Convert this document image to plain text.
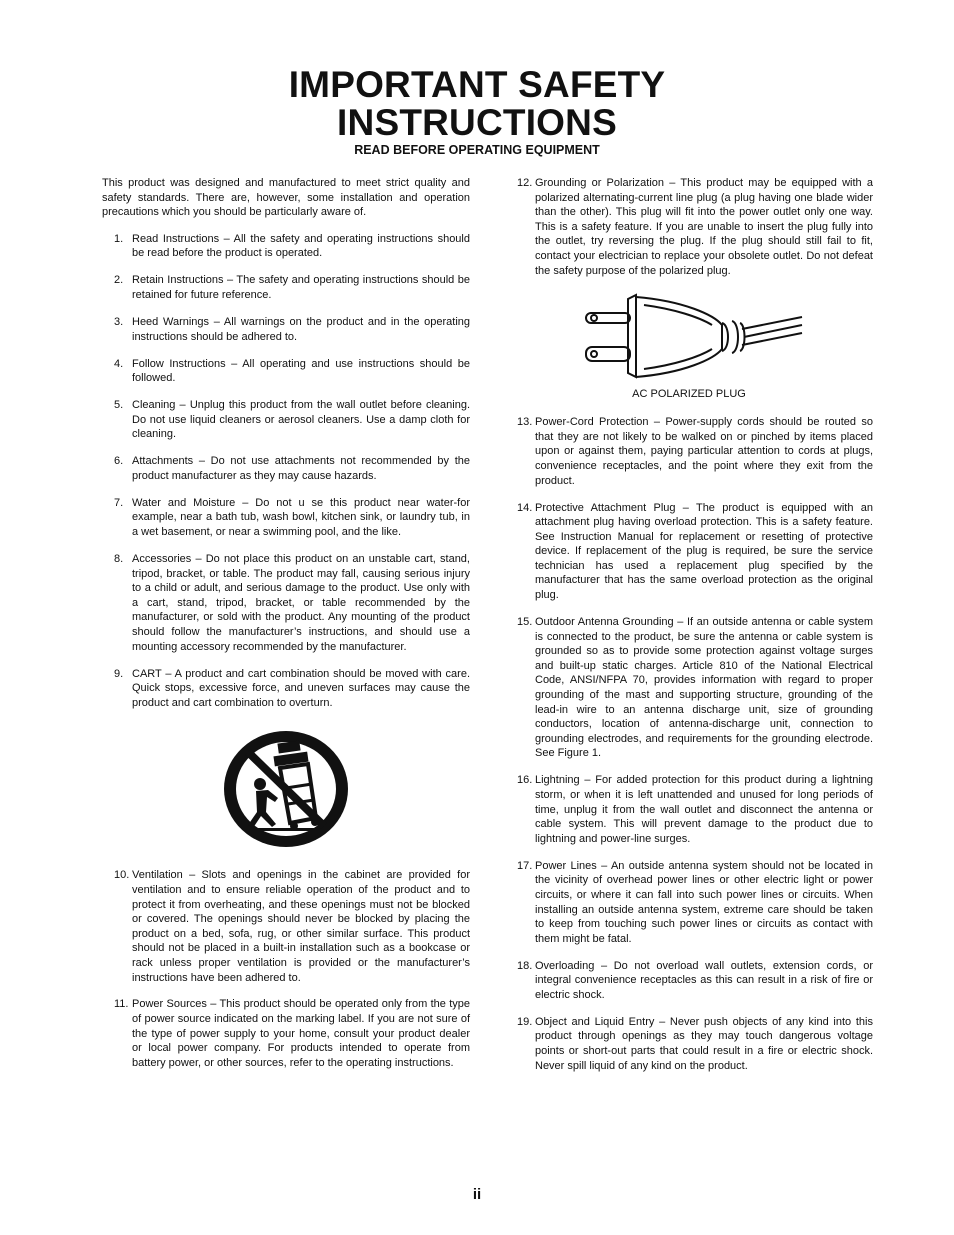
IMPORTANT SAFETY
INSTRUCTIONS
READ BEFORE OPERATING EQUIPMENT

This product was designed and manufactured to meet strict quality and safety standards. There are, however, some installation and operation precautions which you should be particularly aware of.

1. Read Instructions – All the safety and operating instructions should be read before the product is operated.
2. Retain Instructions – The safety and operating instructions should be retained for future reference.
3. Heed Warnings – All warnings on the product and in the operating instructions should be adhered to.
4. Follow Instructions – All operating and use instructions should be followed.
5. Cleaning – Unplug this product from the wall outlet before cleaning. Do not use liquid cleaners or aerosol cleaners. Use a damp cloth for cleaning.
6. Attachments – Do not use attachments not recommended by the product manufacturer as they may cause hazards.
7. Water and Moisture – Do not u se this product near water-for example, near a bath tub, wash bowl, kitchen sink, or laundry tub, in a wet basement, or near a swimming pool, and the like.
8. Accessories – Do not place this product on an unstable cart, stand, tripod, bracket, or table. The product may fall, causing serious injury to a child or adult, and serious damage to the product. Use only with a cart, stand, tripod, bracket, or table recommended by the manufacturer, or sold with the product. Any mounting of the product should follow the manufacturer’s instructions, and should use a mounting accessory recommended by the manufacturer.
9. CART – A product and cart combination should be moved with care. Quick stops, excessive force, and uneven surfaces may cause the product and cart combination to overturn.
10. Ventilation – Slots and openings in the cabinet are provided for ventilation and to ensure reliable operation of the product and to protect it from overheating, and these openings must not be blocked or covered. The openings should never be blocked by placing the product on a bed, sofa, rug, or other similar surface. This product should not be placed in a built-in installation such as a bookcase or rack unless proper ventilation is provided or the manufacturer’s instructions have been adhered to.
11. Power Sources – This product should be operated only from the type of power source indicated on the marking label. If you are not sure of the type of power supply to your home, consult your product dealer or local power company. For products intended to operate from battery power, or other sources, refer to the operating instructions.
12. Grounding or Polarization – This product may be equipped with a polarized alternating-current line plug (a plug having one blade wider than the other). This plug will fit into the power outlet only one way. This is a safety feature. If you are unable to insert the plug fully into the outlet, try reversing the plug. If the plug should still fail to fit, contact your electrician to replace your obsolete outlet. Do not defeat the safety purpose of the polarized plug.
AC POLARIZED PLUG
13. Power-Cord Protection – Power-supply cords should be routed so that they are not likely to be walked on or pinched by items placed upon or against them, paying particular attention to cords at plugs, convenience receptacles, and the point where they exit from the product.
14. Protective Attachment Plug – The product is equipped with an attachment plug having overload protection. This is a safety feature. See Instruction Manual for replacement or resetting of protective device. If replacement of the plug is required, be sure the service technician has used a replacement plug specified by the manufacturer that has the same overload protection as the original plug.
15. Outdoor Antenna Grounding – If an outside antenna or cable system is connected to the product, be sure the antenna or cable system is grounded so as to provide some protection against voltage surges and built-up static charges. Article 810 of the National Electrical Code, ANSI/NFPA 70, provides information with regard to proper grounding of the mast and supporting structure, grounding of the lead-in wire to an antenna discharge unit, size of grounding conductors, location of antenna-discharge unit, connection to grounding electrodes, and requirements for the grounding electrode. See Figure 1.
16. Lightning – For added protection for this product during a lightning storm, or when it is left unattended and unused for long periods of time, unplug it from the wall outlet and disconnect the antenna or cable system. This will prevent damage to the product due to lightning and power-line surges.
17. Power Lines – An outside antenna system should not be located in the vicinity of overhead power lines or other electric light or power circuits, or where it can fall into such power lines or circuits. When installing an outside antenna system, extreme care should be taken to keep from touching such power lines or circuits as contact with them might be fatal.
18. Overloading – Do not overload wall outlets, extension cords, or integral convenience receptacles as this can result in a risk of fire or electric shock.
19. Object and Liquid Entry – Never push objects of any kind into this product through openings as they may touch dangerous voltage points or short-out parts that could result in a fire or electric shock. Never spill liquid of any kind on the product.
ii
